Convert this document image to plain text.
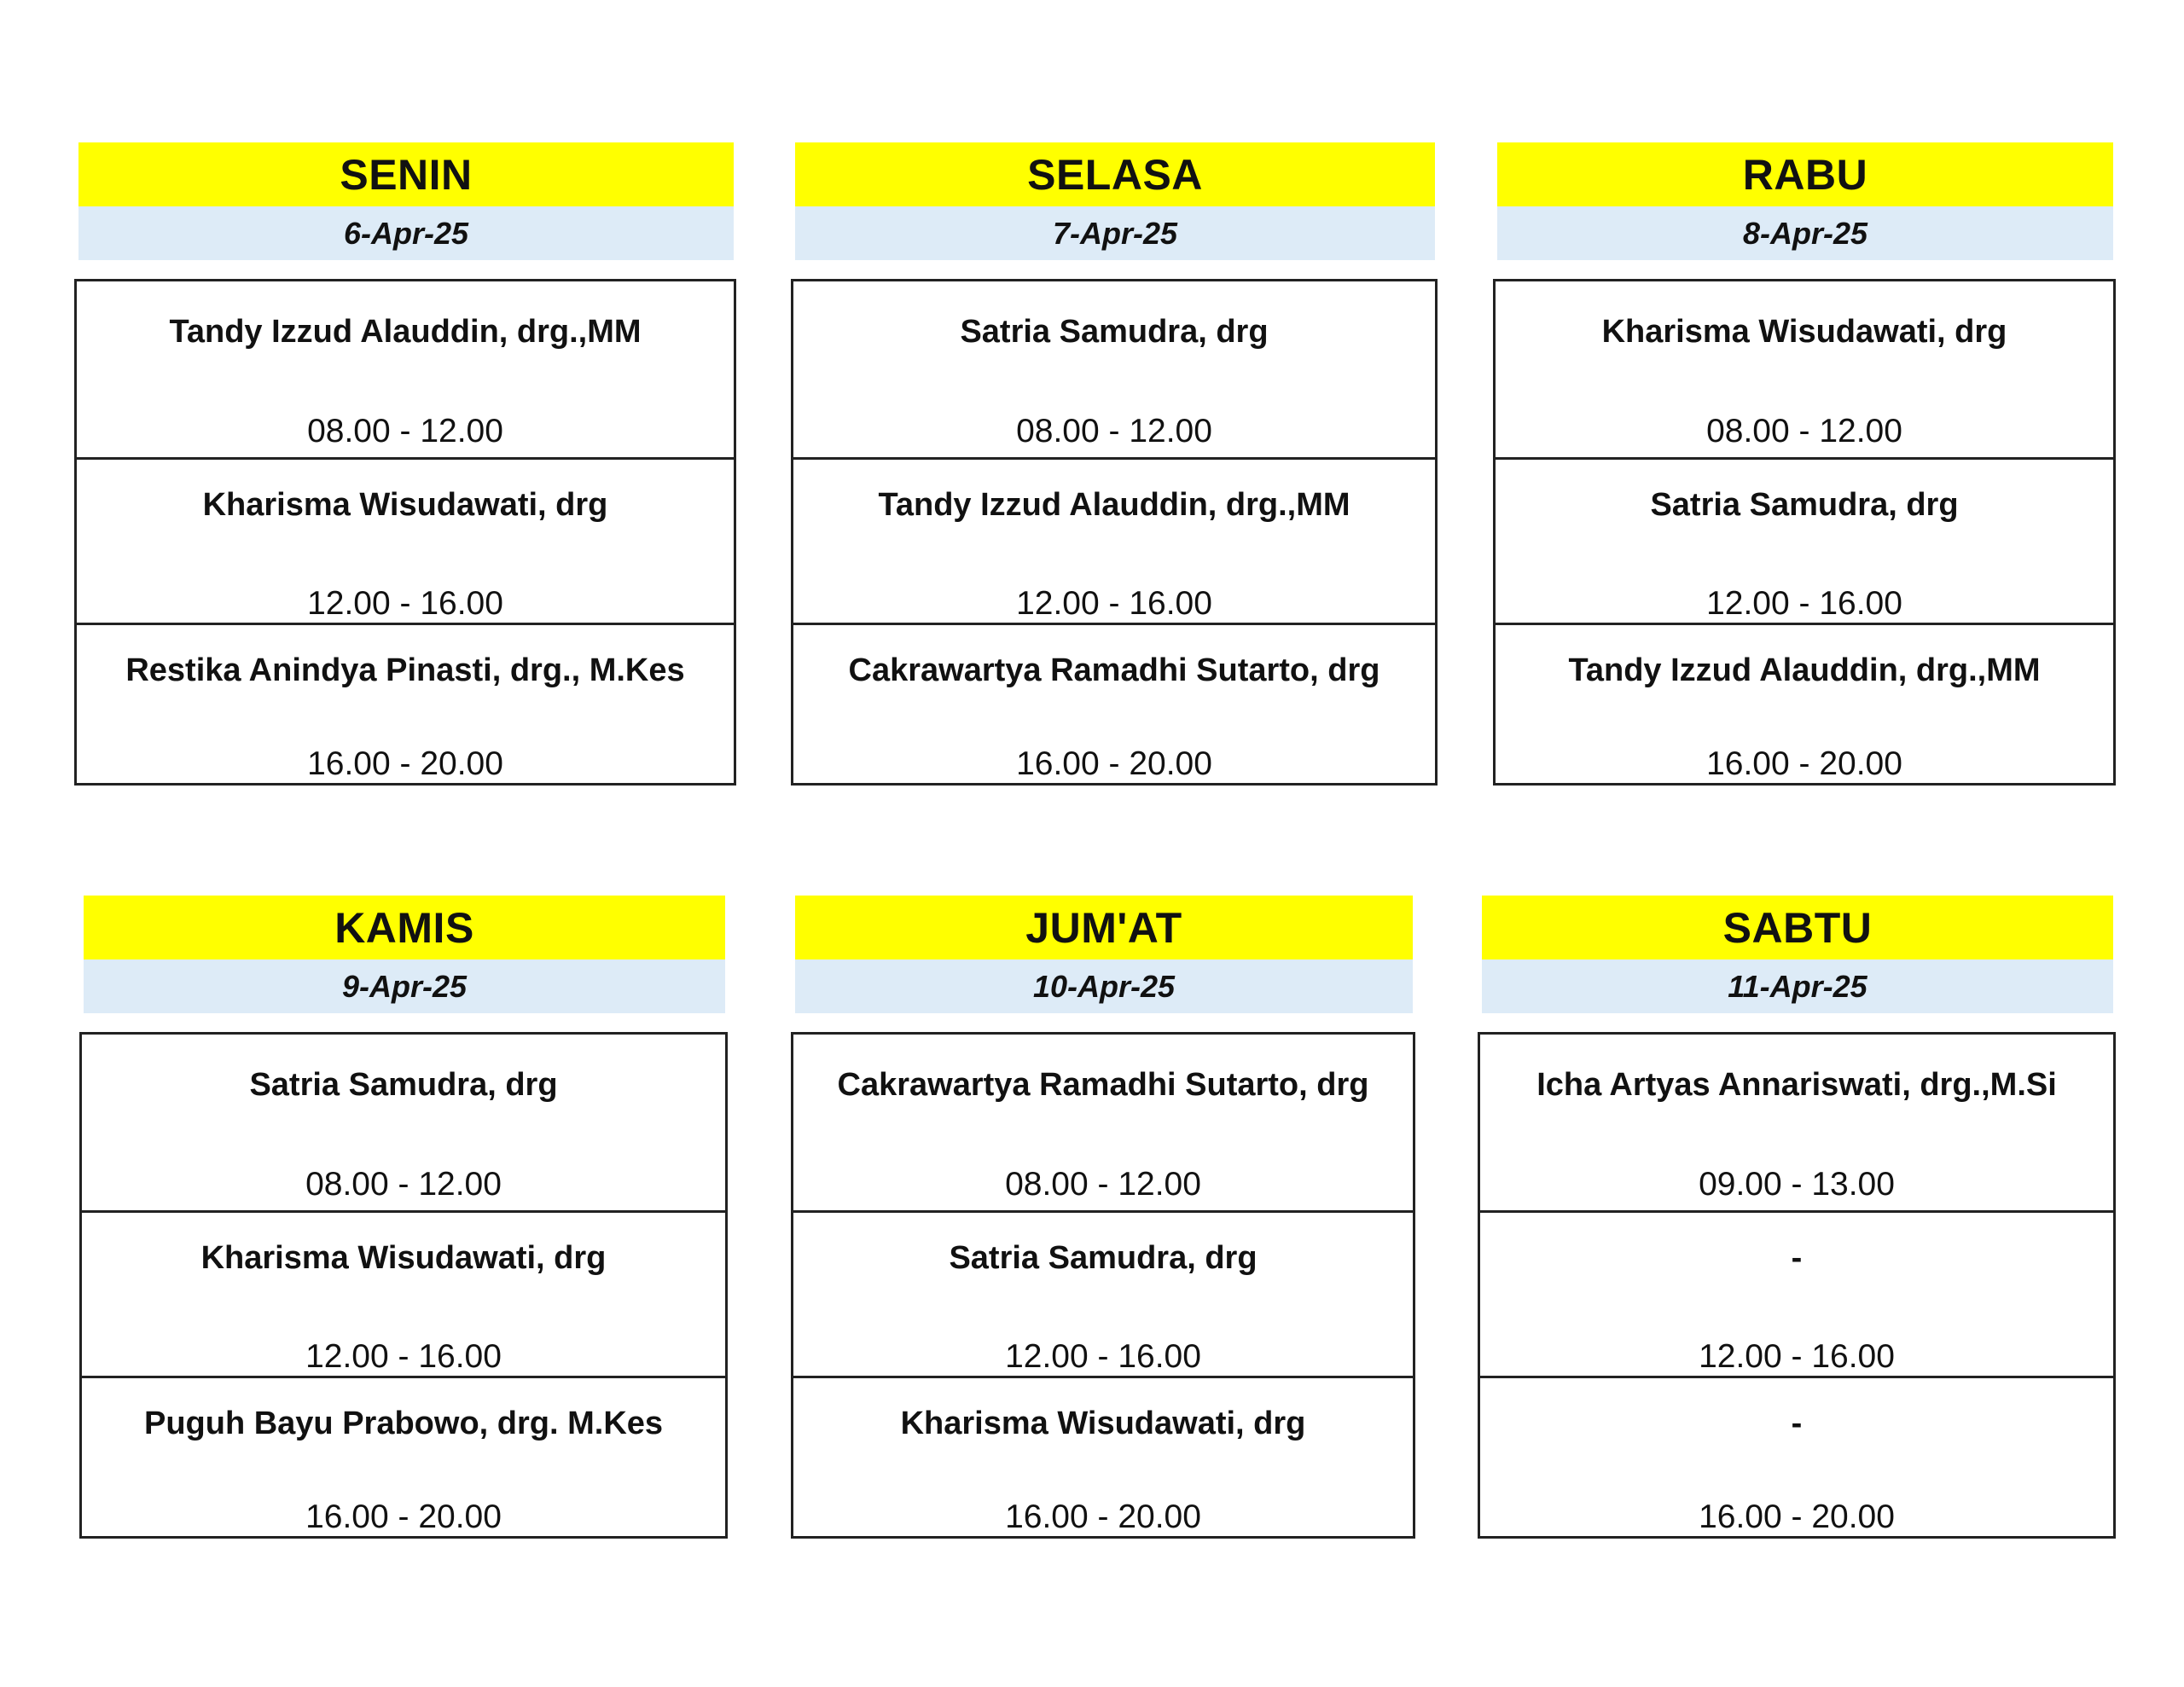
SENIN
6-Apr-25
Tandy Izzud Alauddin, drg.,MM
08.00 - 12.00
Kharisma Wisudawati, drg
12.00 - 16.00
Restika Anindya Pinasti, drg., M.Kes
16.00 - 20.00
SELASA
7-Apr-25
Satria Samudra, drg
08.00 - 12.00
Tandy Izzud Alauddin, drg.,MM
12.00 - 16.00
Cakrawartya Ramadhi Sutarto, drg
16.00 - 20.00
RABU
8-Apr-25
Kharisma Wisudawati, drg
08.00 - 12.00
Satria Samudra, drg
12.00 - 16.00
Tandy Izzud Alauddin, drg.,MM
16.00 - 20.00
KAMIS
9-Apr-25
Satria Samudra, drg
08.00 - 12.00
Kharisma Wisudawati, drg
12.00 - 16.00
Puguh Bayu Prabowo, drg. M.Kes
16.00 - 20.00
JUM'AT
10-Apr-25
Cakrawartya Ramadhi Sutarto, drg
08.00 - 12.00
Satria Samudra, drg
12.00 - 16.00
Kharisma Wisudawati, drg
16.00 - 20.00
SABTU
11-Apr-25
Icha Artyas Annariswati, drg.,M.Si
09.00 - 13.00
-
12.00 - 16.00
-
16.00 - 20.00
